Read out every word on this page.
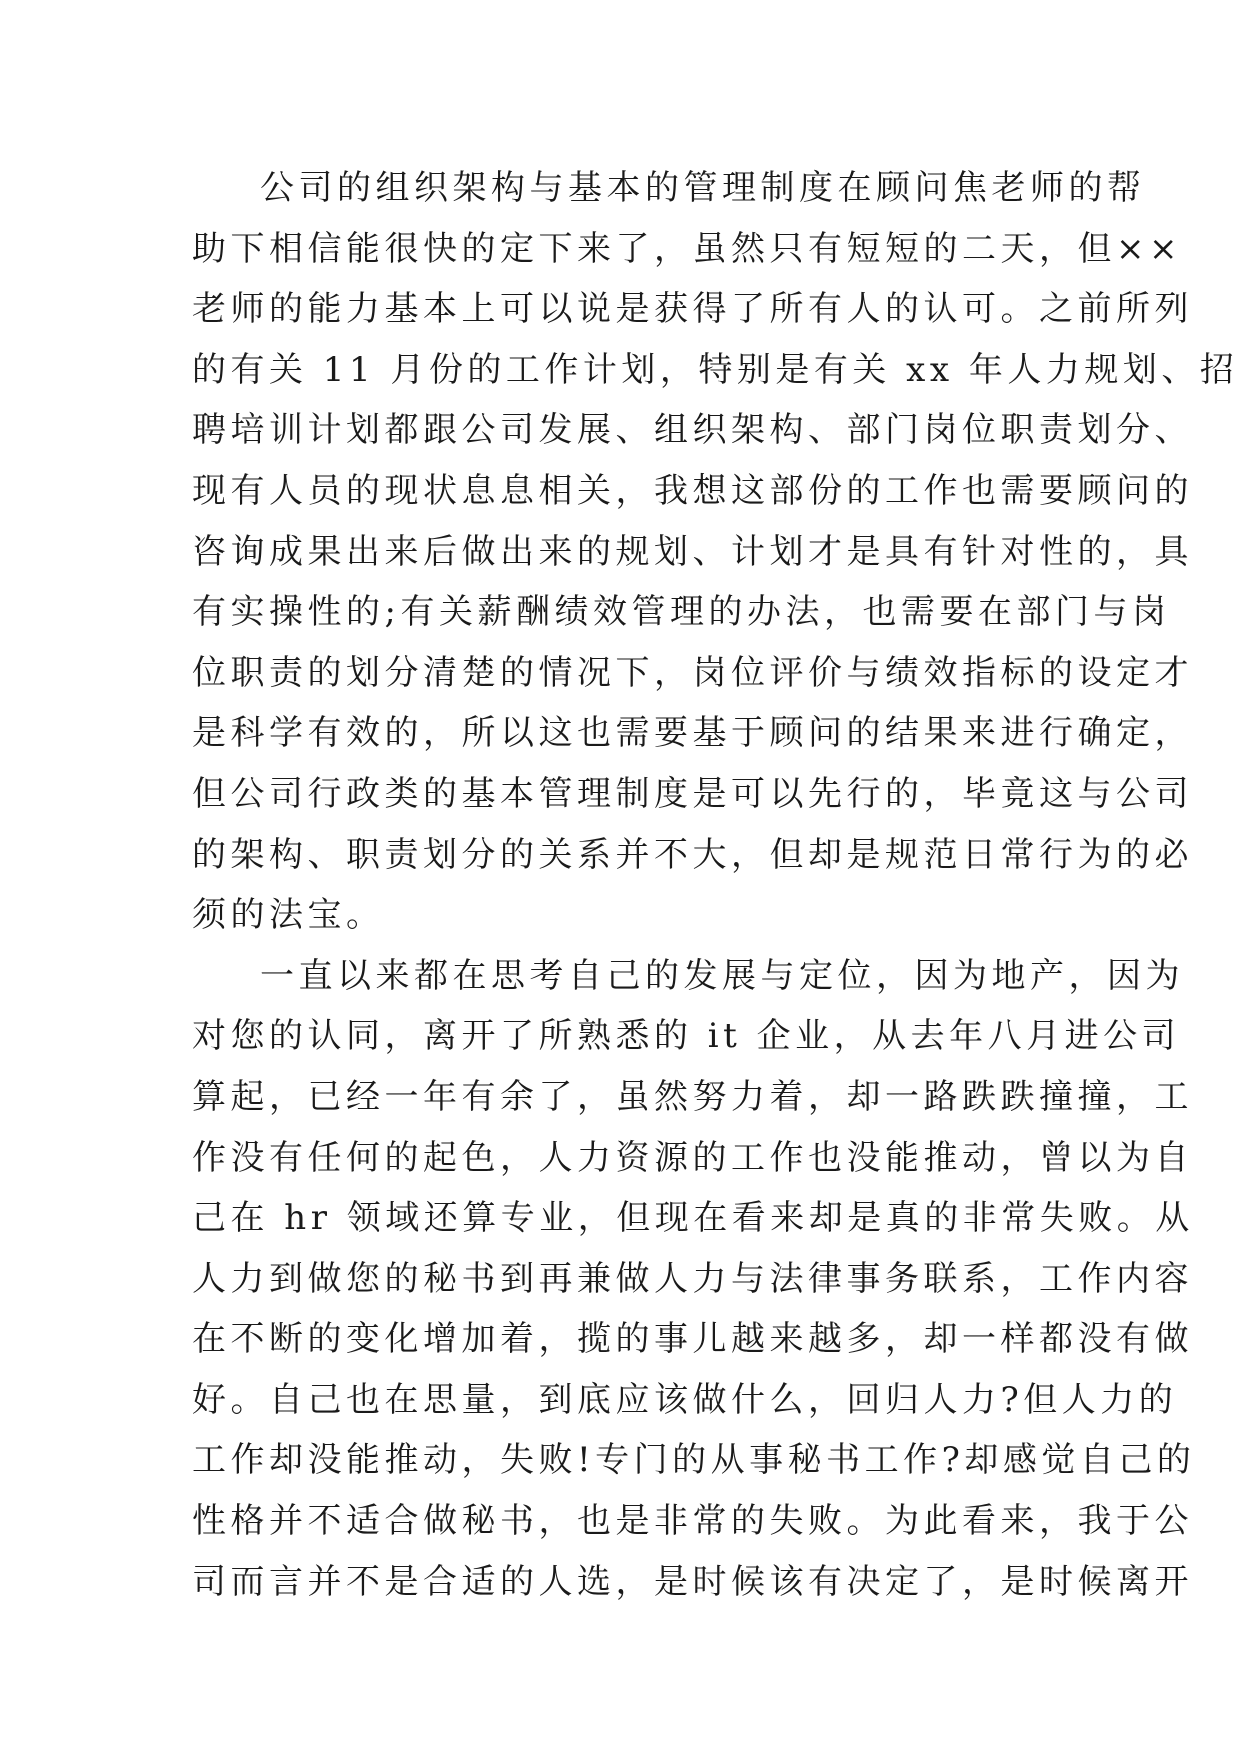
公司的组织架构与基本的管理制度在顾问焦老师的帮
助下相信能很快的定下来了，虽然只有短短的二天，但××
老师的能力基本上可以说是获得了所有人的认可。之前所列
的有关 11 月份的工作计划，特别是有关 xx 年人力规划、招
聘培训计划都跟公司发展、组织架构、部门岗位职责划分、
现有人员的现状息息相关，我想这部份的工作也需要顾问的
咨询成果出来后做出来的规划、计划才是具有针对性的，具
有实操性的;有关薪酬绩效管理的办法，也需要在部门与岗
位职责的划分清楚的情况下，岗位评价与绩效指标的设定才
是科学有效的，所以这也需要基于顾问的结果来进行确定，
但公司行政类的基本管理制度是可以先行的，毕竟这与公司
的架构、职责划分的关系并不大，但却是规范日常行为的必
须的法宝。
一直以来都在思考自己的发展与定位，因为地产，因为
对您的认同，离开了所熟悉的 it 企业，从去年八月进公司
算起，已经一年有余了，虽然努力着，却一路跌跌撞撞，工
作没有任何的起色，人力资源的工作也没能推动，曾以为自
己在 hr 领域还算专业，但现在看来却是真的非常失败。从
人力到做您的秘书到再兼做人力与法律事务联系，工作内容
在不断的变化增加着，揽的事儿越来越多，却一样都没有做
好。自己也在思量，到底应该做什么，回归人力?但人力的
工作却没能推动，失败!专门的从事秘书工作?却感觉自己的
性格并不适合做秘书，也是非常的失败。为此看来，我于公
司而言并不是合适的人选，是时候该有决定了，是时候离开
